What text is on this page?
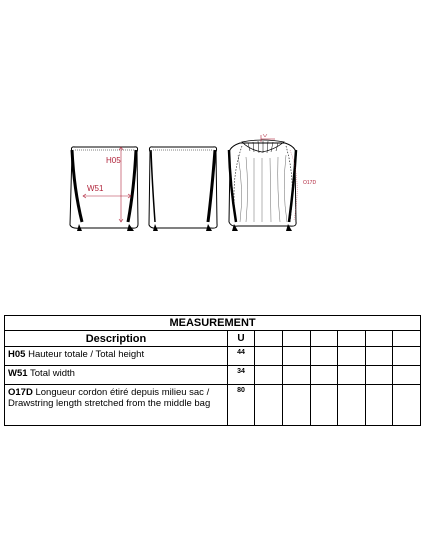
H05
W51
O17D
MEASUREMENT							
Description	U						
H05 Hauteur totale / Total height	44						
W51 Total width	34						
O17D Longueur cordon étiré depuis milieu sac / Drawstring length stretched from the middle bag	80						
